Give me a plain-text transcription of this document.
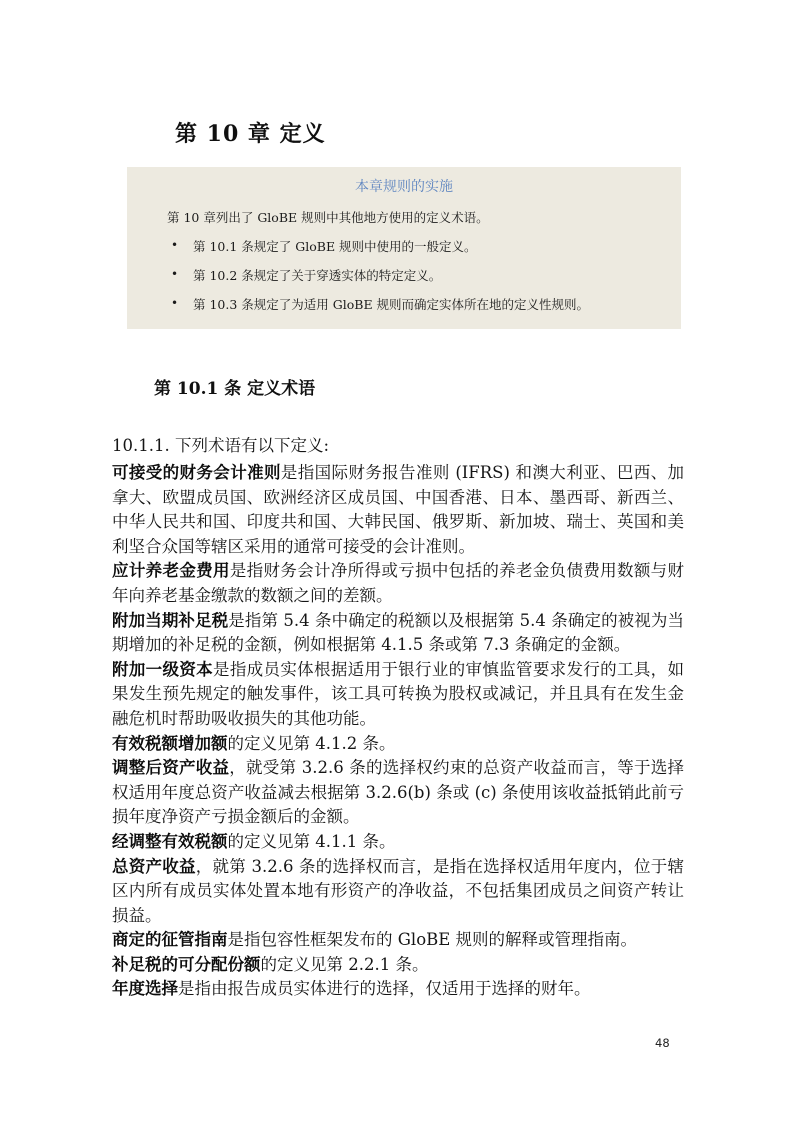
第 10 章 定义
本章规则的实施

第 10 章列出了 GloBE 规则中其他地方使用的定义术语。

• 第 10.1 条规定了 GloBE 规则中使用的一般定义。
• 第 10.2 条规定了关于穿透实体的特定定义。
• 第 10.3 条规定了为适用 GloBE 规则而确定实体所在地的定义性规则。
第 10.1 条 定义术语

10.1.1. 下列术语有以下定义:

可接受的财务会计准则是指国际财务报告准则 (IFRS) 和澳大利亚、巴西、加拿大、欧盟成员国、欧洲经济区成员国、中国香港、日本、墨西哥、新西兰、中华人民共和国、印度共和国、大韩民国、俄罗斯、新加坡、瑞士、英国和美利坚合众国等辖区采用的通常可接受的会计准则。

应计养老金费用是指财务会计净所得或亏损中包括的养老金负债费用数额与财年向养老基金缴款的数额之间的差额。

附加当期补足税是指第 5.4 条中确定的税额以及根据第 5.4 条确定的被视为当期增加的补足税的金额，例如根据第 4.1.5 条或第 7.3 条确定的金额。

附加一级资本是指成员实体根据适用于银行业的审慎监管要求发行的工具，如果发生预先规定的触发事件，该工具可转换为股权或减记，并且具有在发生金融危机时帮助吸收损失的其他功能。

有效税额增加额的定义见第 4.1.2 条。

调整后资产收益，就受第 3.2.6 条的选择权约束的总资产收益而言，等于选择权适用年度总资产收益减去根据第 3.2.6(b) 条或 (c) 条使用该收益抵销此前亏损年度净资产亏损金额后的金额。

经调整有效税额的定义见第 4.1.1 条。

总资产收益，就第 3.2.6 条的选择权而言，是指在选择权适用年度内，位于辖区内所有成员实体处置本地有形资产的净收益，不包括集团成员之间资产转让损益。

商定的征管指南是指包容性框架发布的 GloBE 规则的解释或管理指南。

补足税的可分配份额的定义见第 2.2.1 条。

年度选择是指由报告成员实体进行的选择，仅适用于选择的财年。

48
